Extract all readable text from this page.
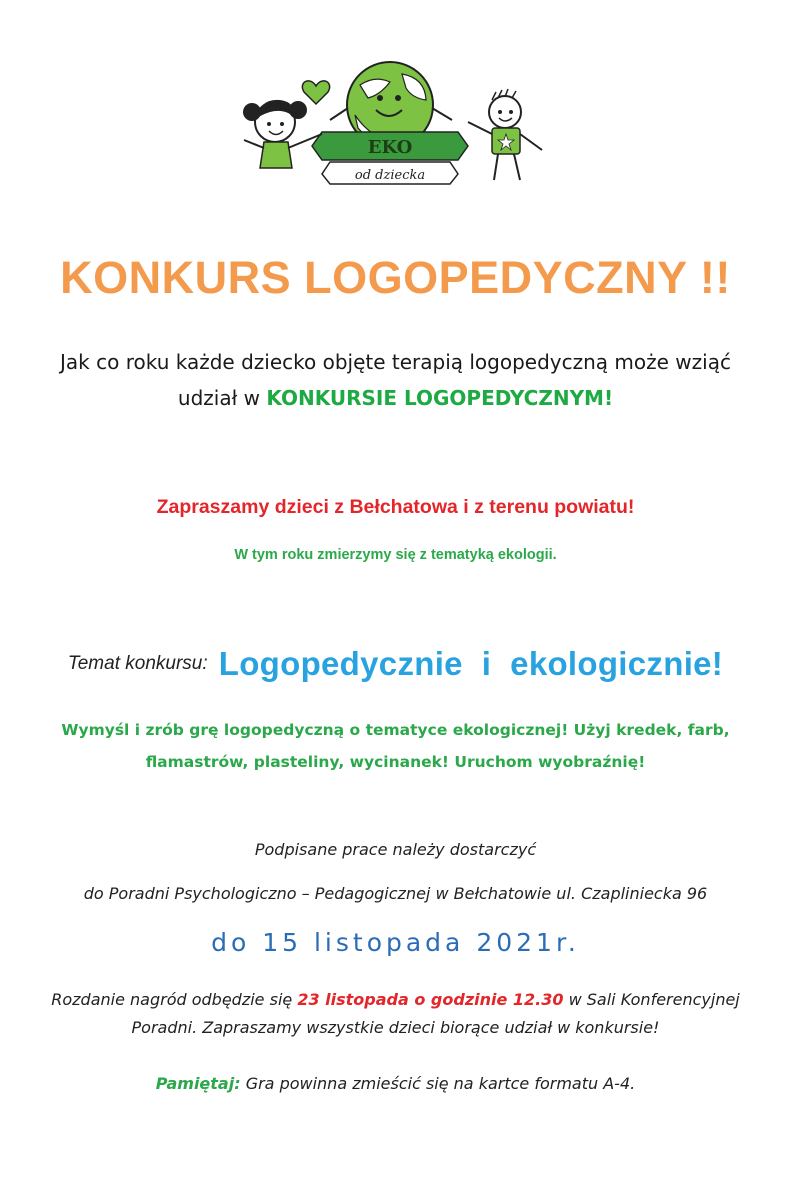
EKO
od dziecka
KONKURS LOGOPEDYCZNY !!
Jak co roku każde dziecko objęte terapią logopedyczną może wziąć
udział w KONKURSIE LOGOPEDYCZNYM!
Zapraszamy dzieci z Bełchatowa i z terenu powiatu!
W tym roku zmierzymy się z tematyką ekologii.
Temat konkursu: Logopedycznie  i  ekologicznie!
Wymyśl i zrób grę logopedyczną o tematyce ekologicznej! Użyj kredek, farb,
flamastrów, plasteliny, wycinanek! Uruchom wyobraźnię!
Podpisane prace należy dostarczyć
do Poradni Psychologiczno – Pedagogicznej w Bełchatowie ul. Czapliniecka 96
do 15 listopada 2021r.
Rozdanie nagród odbędzie się 23 listopada o godzinie 12.30 w Sali Konferencyjnej
Poradni. Zapraszamy wszystkie dzieci biorące udział w konkursie!
Pamiętaj: Gra powinna zmieścić się na kartce formatu A-4.
